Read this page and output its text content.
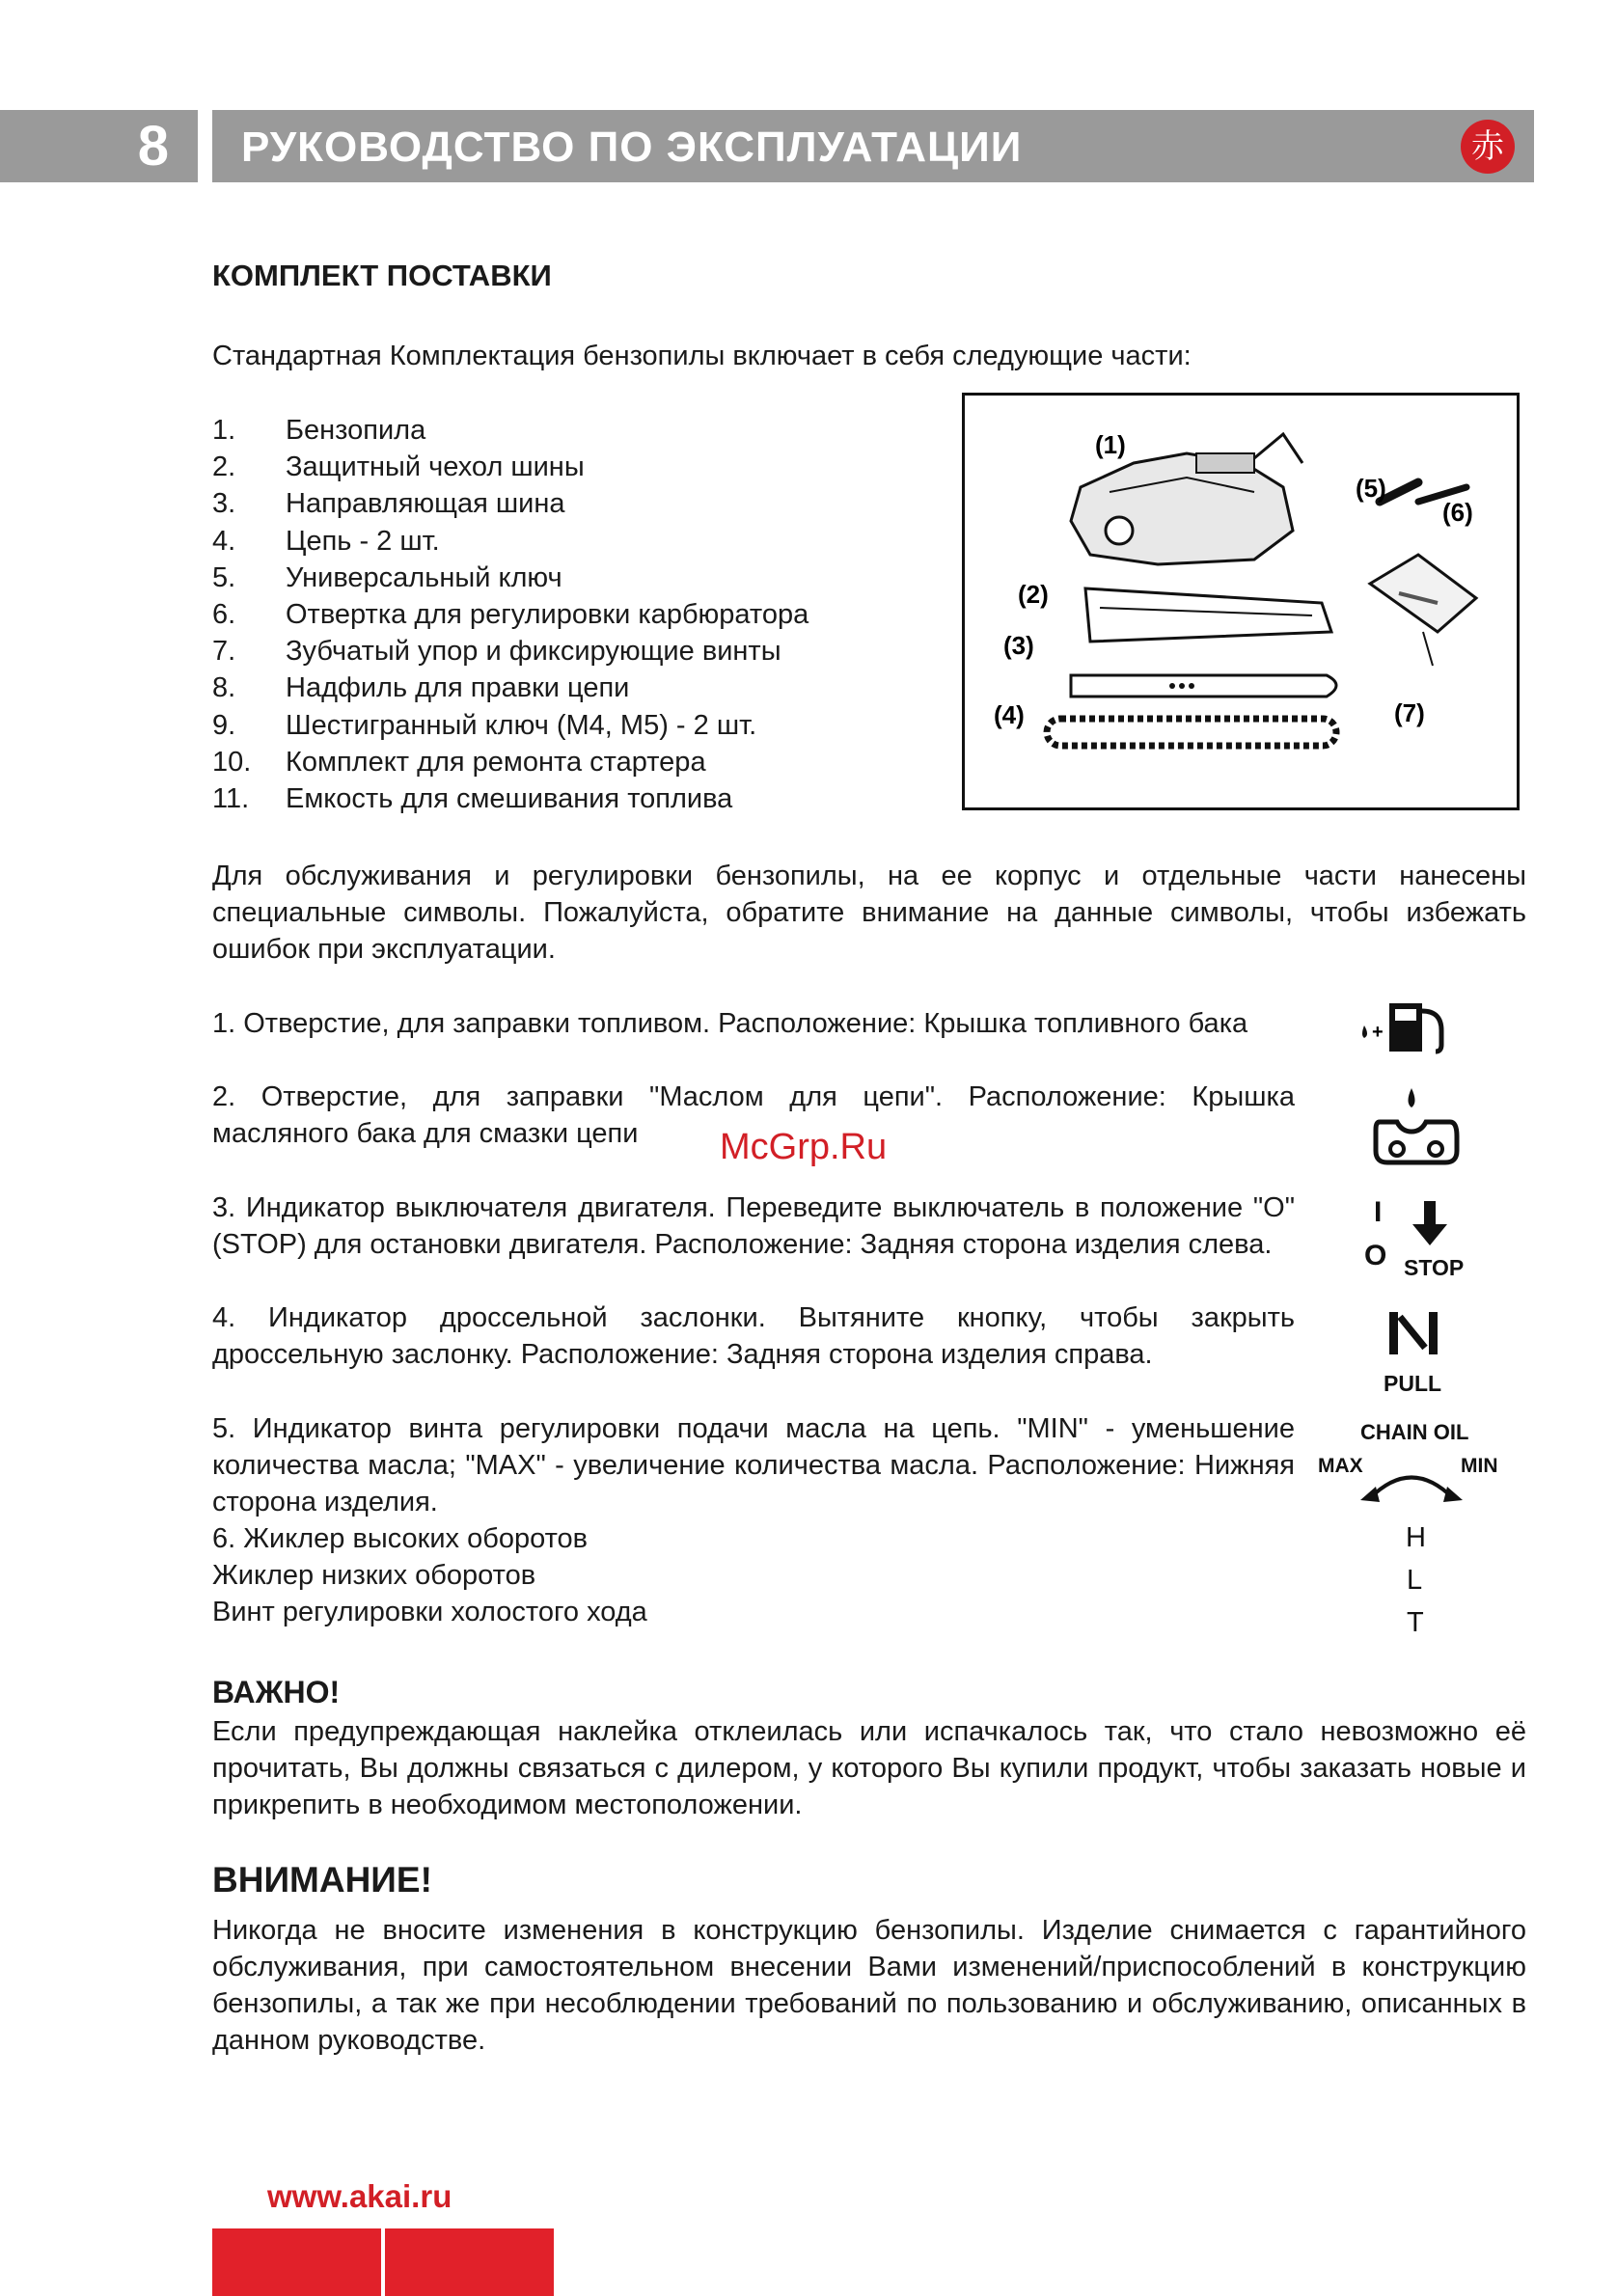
8 РУКОВОДСТВО ПО ЭКСПЛУАТАЦИИ	赤
КОМПЛЕКТ ПОСТАВКИ
Стандартная Комплектация бензопилы включает в себя следующие части:
1.	Бензопила
2.	Защитный чехол шины
3.	Направляющая шина
4.	Цепь - 2 шт.
5.	Универсальный ключ
6.	Отвертка для регулировки карбюратора
7.	Зубчатый упор и фиксирующие винты
8.	Надфиль для правки цепи
9.	Шестигранный ключ (М4, М5) - 2 шт.
10.	Комплект для ремонта стартера
11.	Емкость для смешивания топлива
(1)
(2)
(3)
(4)
(5)
(6)
(7)
Для обслуживания и регулировки бензопилы, на ее корпус и отдельные части нанесены специальные символы. Пожалуйста, обратите внимание на данные символы, чтобы избежать ошибок при эксплуатации.
1. Отверстие, для заправки топливом. Расположение: Крышка топливного бака
2. Отверстие, для заправки "Маслом для цепи". Расположение: Крышка масляного бака для смазки цепи
3. Индикатор выключателя двигателя. Переведите выключатель в положение "О" (STOP) для остановки двигателя. Расположение: Задняя сторона изделия слева.
4. Индикатор дроссельной заслонки. Вытяните кнопку, чтобы закрыть дроссельную заслонку. Расположение: Задняя сторона изделия справа.
5. Индикатор винта регулировки подачи масла на цепь. "MIN" - уменьшение количества масла; "MAX" - увеличение количества масла. Расположение: Нижняя сторона изделия.
6. Жиклер высоких оборотов
Жиклер низких оборотов
Винт регулировки холостого хода
McGrp.Ru
+
I
O STOP
PULL
CHAIN OIL
MAX	MIN
H
L
T
ВАЖНО!
Если предупреждающая наклейка отклеилась или испачкалось так, что стало невозможно её прочитать, Вы должны связаться с дилером, у которого Вы купили продукт, чтобы заказать новые и прикрепить в необходимом местоположении.
ВНИМАНИЕ!
Никогда не вносите изменения в конструкцию бензопилы. Изделие снимается с гарантийного обслуживания, при самостоятельном внесении Вами изменений/приспособлений в конструкцию бензопилы, а так же при несоблюдении требований по пользованию и обслуживанию, описанных в данном руководстве.
www.akai.ru
